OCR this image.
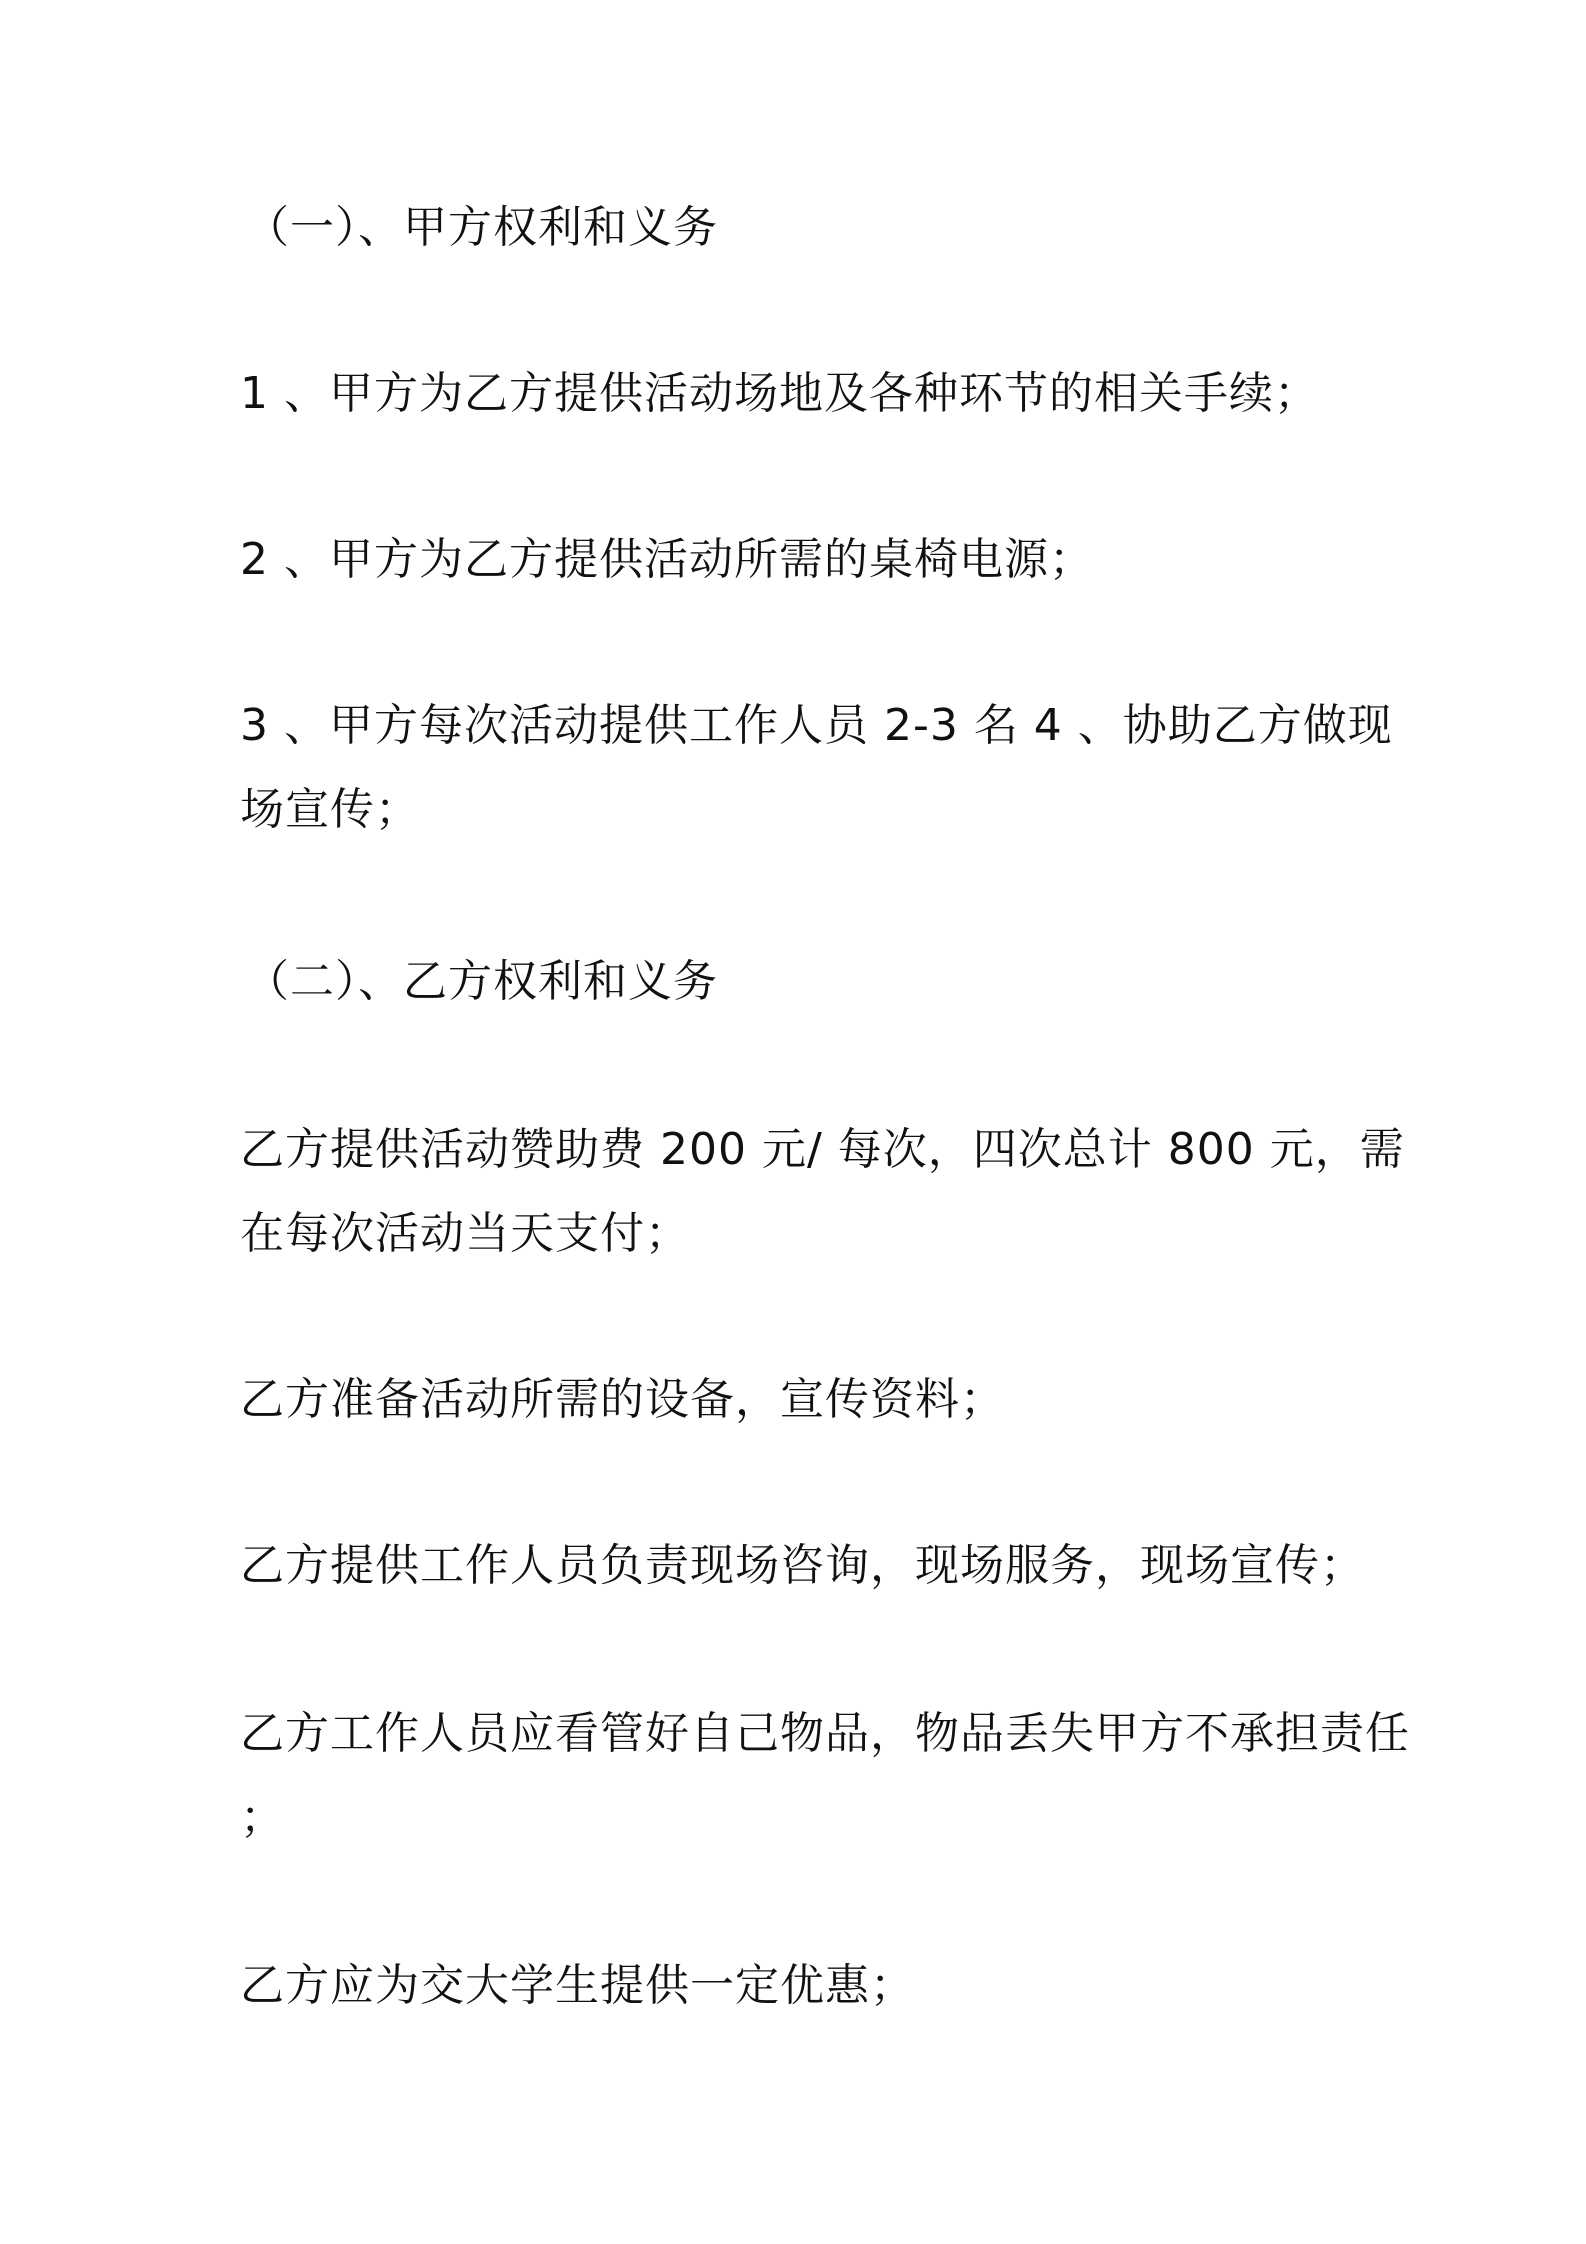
（一）、甲方权利和义务
1 、甲方为乙方提供活动场地及各种环节的相关手续；
2 、甲方为乙方提供活动所需的桌椅电源；
3 、甲方每次活动提供工作人员 2-3 名 4 、协助乙方做现
场宣传；
（二）、乙方权利和义务
乙方提供活动赞助费 200 元/ 每次，四次总计 800 元，需
在每次活动当天支付；
乙方准备活动所需的设备，宣传资料；
乙方提供工作人员负责现场咨询，现场服务，现场宣传；
乙方工作人员应看管好自己物品，物品丢失甲方不承担责任
；
乙方应为交大学生提供一定优惠；
